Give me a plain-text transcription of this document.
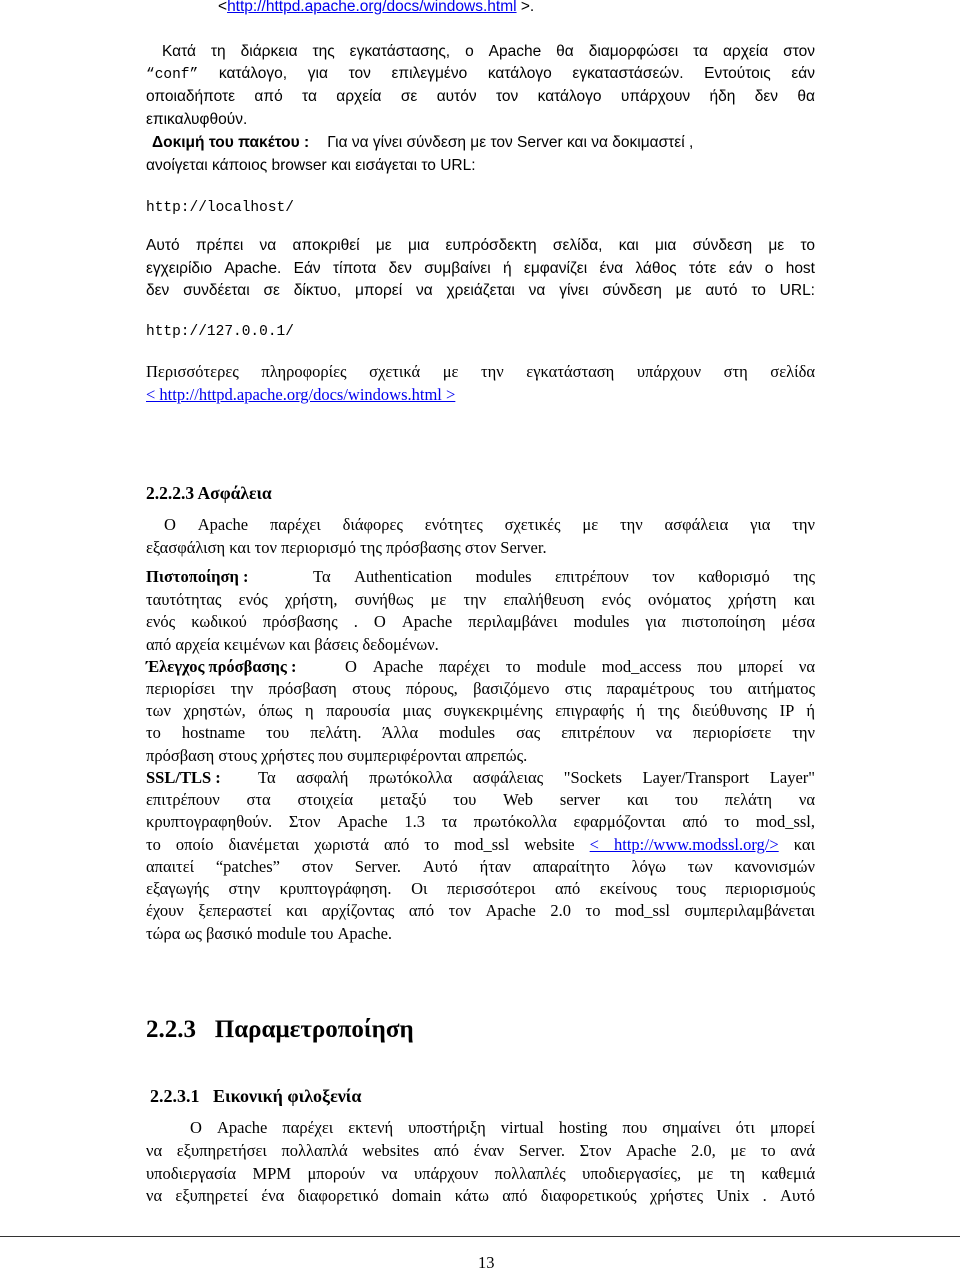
<http://httpd.apache.org/docs/windows.html >.
Κατά τη διάρκεια της εγκατάστασης, ο Apache θα διαμορφώσει τα αρχεία στον
“conf” κατάλογο, για τον επιλεγμένο κατάλογο εγκαταστάσεών. Εντούτοις εάν
οποιαδήποτε από τα αρχεία σε αυτόν τον κατάλογο υπάρχουν ήδη δεν θα
επικαλυφθούν.
Δοκιμή του πακέτου : Για να γίνει σύνδεση με τον Server και να δοκιμαστεί ,
ανοίγεται κάποιος browser και εισάγεται το URL:
http://localhost/
Αυτό πρέπει να αποκριθεί με μια ευπρόσδεκτη σελίδα, και μια σύνδεση με το
εγχειρίδιο Apache. Εάν τίποτα δεν συμβαίνει ή εμφανίζει ένα λάθος τότε εάν ο host
δεν συνδέεται σε δίκτυο, μπορεί να χρειάζεται να γίνει σύνδεση με αυτό το URL:
http://127.0.0.1/
Περισσότερες πληροφορίες σχετικά με την εγκατάσταση υπάρχουν στη σελίδα
< http://httpd.apache.org/docs/windows.html >
2.2.2.3 Ασφάλεια
Ο Apache παρέχει διάφορες ενότητες σχετικές με την ασφάλεια για την
εξασφάλιση και τον περιορισμό της πρόσβασης στον Server.
Πιστοποίηση :	Τα Authentication modules επιτρέπουν τον καθορισμό της
ταυτότητας ενός χρήστη, συνήθως με την επαλήθευση ενός ονόματος χρήστη και
ενός κωδικού πρόσβασης . Ο Apache περιλαμβάνει modules για πιστοποίηση μέσα
από αρχεία κειμένων και βάσεις δεδομένων.
Έλεγχος πρόσβασης :	Ο Apache παρέχει το module mod_access που μπορεί να
περιορίσει την πρόσβαση στους πόρους, βασιζόμενο στις παραμέτρους του αιτήματος
των χρηστών, όπως η παρουσία μιας συγκεκριμένης επιγραφής ή της διεύθυνσης IP ή
το hostname του πελάτη. Άλλα modules σας επιτρέπουν να περιορίσετε την
πρόσβαση στους χρήστες που συμπεριφέρονται απρεπώς.
SSL/TLS : Τα ασφαλή πρωτόκολλα ασφάλειας "Sockets Layer/Transport Layer"
επιτρέπουν στα στοιχεία μεταξύ του Web server και του πελάτη να
κρυπτογραφηθούν. Στον Apache 1.3 τα πρωτόκολλα εφαρμόζονται από το mod_ssl,
το οποίο διανέμεται χωριστά από το mod_ssl website < http://www.modssl.org/> και
απαιτεί “patches” στον Server. Αυτό ήταν απαραίτητο λόγω των κανονισμών
εξαγωγής στην κρυπτογράφηση. Οι περισσότεροι από εκείνους τους περιορισμούς
έχουν ξεπεραστεί και αρχίζοντας από τον Apache 2.0 το mod_ssl συμπεριλαμβάνεται
τώρα ως βασικό module του Apache.
2.2.3   Παραμετροποίηση
2.2.3.1   Εικονική φιλοξενία
Ο Apache παρέχει εκτενή υποστήριξη virtual hosting που σημαίνει ότι μπορεί
να εξυπηρετήσει πολλαπλά websites από έναν Server. Στον Apache 2.0, με το ανά
υποδιεργασία MPM μπορούν να υπάρχουν πολλαπλές υποδιεργασίες, με τη καθεμιά
να εξυπηρετεί ένα διαφορετικό domain κάτω από διαφορετικούς χρήστες Unix . Αυτό
13
